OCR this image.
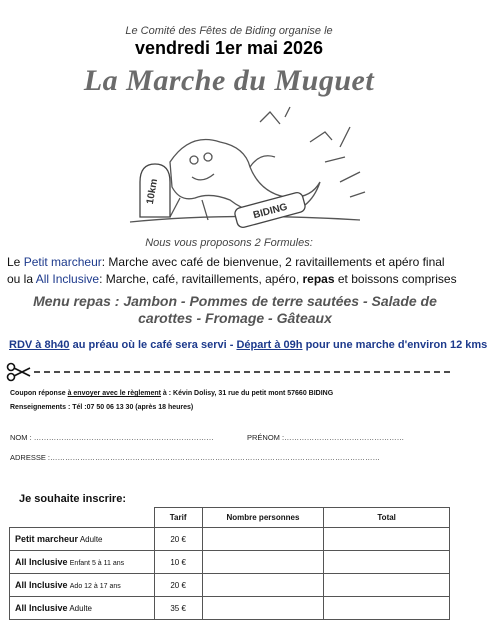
Le Comité des Fêtes de Biding organise le
vendredi 1er mai 2026
La Marche du Muguet
10km
BIDING
Nous vous proposons 2 Formules:
Le Petit marcheur: Marche avec café de bienvenue, 2 ravitaillements et apéro final
ou la All Inclusive: Marche, café, ravitaillements, apéro, repas et boissons comprises
Menu repas : Jambon - Pommes de terre sautées - Salade de
carottes - Fromage - Gâteaux
RDV à 8h40 au préau où le café sera servi - Départ à 09h pour une marche d'environ 12 kms
Coupon réponse à envoyer avec le règlement à : Kévin Dolisy, 31 rue du petit mont 57660 BIDING
Renseignements : Tél :07 50 06 13 30 (après 18 heures)
NOM : ………………………………………………………………	PRÉNOM :…………………………………………
ADRESSE :……………………………………………………………………………………………………………………
Je souhaite inscrire:
	Tarif	Nombre personnes	Total
Petit marcheur Adulte	20 €		
All Inclusive Enfant 5 à 11 ans	10 €		
All Inclusive Ado 12 à 17 ans	20 €		
All Inclusive Adulte	35 €		
